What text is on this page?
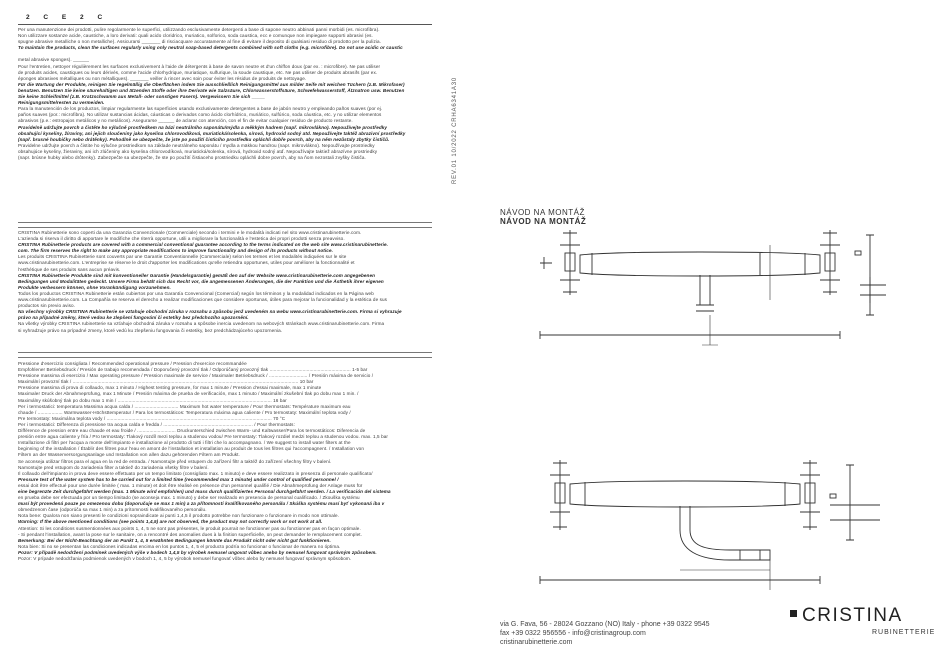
2 C E 2 C
Per una manutenzione dei prodotti, pulire regolarmente le superfici, utilizzando esclusivamente detergenti a base di sapone neutro abbinati panni morbidi (es. microfibra).
Non utilizzare sostanze acide, caustiche, a loro derivati: quali acido cloridrico, muriatico, solforico, soda caustica, ecc e comunque non impiegare supporti abrasivi (es.
spugne abrasive metalliche o non metalliche). Assicurarsi _______ di risciacquare accuratamente al fine di evitare il deposito di qualsiasi residuo di prodotto per la pulizia.
To maintain the products, clean the surfaces regularly using only neutral soap-based detergents combined with soft cloths (e.g. microfibre). Do not use acidic or caustic

metal abrasive sponges). ______
Pour l'entretien, nettoyer régulièrement les surfaces exclusivement à l'aide de détergents à base de savon neutre et d'un chiffon doux (par ex. : microfibre). Ne pas utiliser
de produits acides, caustiques ou leurs dérivés, comme l'acide chlorhydrique, muriatique, sulfurique, la soude caustique, etc. Ne pas utiliser de produits abrasifs (par ex.
éponges abrasives métalliques ou non métalliques). _______ veiller à rincer avec soin pour éviter les résidus de produits de nettoyage.
Für die Wartung der Produkte, reinigen Sie regelmäßig die Oberflächen indem Sie ausschließlich Reinigungsmittel aus milder Seife mit weichen Tüchern (z.B. Mikrofaser)
benutzen. Benutzen Sie keine säurehaltigen und ätzenden Stoffe oder ihre Derivate wie Salzsäure, Chlorwasserstoffsäure, Schwefelwasserstoff, Ätznatron usw. Benutzen
Sie keine Schleifmittel (z.B. Kratzschwamm aus Metall- oder sonstigen Fasern). Vergewissern Sie sich _____
Reinigungsmittelresten zu vermeiden.
Para la manutención de los productos, limpiar regularmente las superficies usando exclusivamente detergentes a base de jabón neutro y empleando paños suaves (por ej.
paños suaves (por.: microfibra). No utilizar sustancias ácidas, cáusticas o derivados como ácido clorhídrico, muriático, sulfúrico, soda cáustica, etc. y no utilizar elementos
abrasivos (p.e.: estropajos metálicos y no metálicos). Asegurarse ______ de aclarar con atención, con el fin de evitar cualquier residuo de producto restante.
Pravidelně udržujte povrch a čistěte ho výlučně prostředkem na bázi neutrálního saponátu/mýdla a měkkým hadrem (např. mikrovlákno). Nepoužívejte prostředky
obsahující kyseliny, žíraviny, ani jejich sloučeniny jako kyselina chlorovodíková, muriatická/solenka, sírová, hydroxid sodný atd. Nepoužívejte taktéž abrazivní prostředky
(např. brusné houbičky nebo drátěnky). Pohodlně se ubezpečte, že jste po použití čisticího prostředku opláchli dobře povrch, aby na něm nezůstaly zbytky čističů.
Pravidelne udržujte povrch a čistite ho výlučne prostriedkom na základe neutrálneho saponátu / mydla a mäkkou handrou (napr. mikrovlákno). Nepoužívajte prostriedky
obsahujúce kyseliny, žieraviny, ani ich zlúčeniny ako kyselina chlorovodíková, muriatická/solenka, sírová, hydroxid sodný atď. Nepoužívajte taktiež abrazívne prostriedky
(napr. brúsne hubky alebo drôtenky). Zabezpečte sa ubezpečte, že ste po použití čistiaceho prostriedku opláchli dobre povrch, aby na ňom nezostali zvyšky čističa.	REV.01 10/2022 CRHA6341A30
CRISTINA Rubinetterie sono coperti da una Garanzia Convenzionale (Commerciale) secondo i termini e le modalità indicati nel sito www.cristinarubinetterie.com.
L'azienda si riserva il diritto di apportare le modifiche che riterrà opportune, utili a migliorare la funzionalità e l'estetica dei propri prodotti senza preavviso.
CRISTINA Rubinetterie products are covered with a commercial conventional guarantee according to the terms indicated on the web site www.cristinarubinetterie.
com. The firm reserves the right to make any appropriate modifications to improve functionality and design of its products without notice.
Les produits CRISTINA Rubinetterie sont couverts par une Garantie Conventionnelle (Commerciale) selon les termes et les modalités indiquées sur le site
www.cristinarubinetterie.com. L'entreprise se réserve le droit d'apporter les modifications qu'elle retiendra opportunes, utiles pour améliorer la fonctionnalité et
l'esthétique de ses produits sans aucun préavis.
CRISTINA Rubinetterie Produkte sind mit konventioneller Garantie (Handelsgarantie) gemäß den auf der Website www.cristinarubinetterie.com angegebenen
Bedingungen und Modalitäten gedeckt. Unsere Firma behält sich das Recht vor, die angemessenen Änderungen, die der Funktion und die Ästhetik ihrer eigenen
Produkte verbessern können, ohne Vorankündigung vorzunehmen.
Todos los productos CRISTINA Rubinetterie están cubiertos por una Garantía Convencional (Comercial) según los términos y la modalidad indicados en la Página web
www.cristinarubinetterie.com. La Compañía se reserva el derecho a realizar modificaciones que considere oportunas, útiles para mejorar la funcionalidad y la estética de sus
productos sin previo aviso.
Na všechny výrobky CRISTINA Rubinetterie se vztahuje obchodní záruka v rozsahu a způsobu jenž uvedeném na webu www.cristinarubinetterie.com. Firma si vyhrazuje
právo na případné změny, které vedou ke zlepšení fungování či estetiky bez předchozího upozornění.
Na všetky výrobky CRISTINA rubinetterie sa vzťahuje obchodná záruka v rozsahu a spôsobe inercia uvedenom na webových stránkach www.cristinarubinetterie.com. Firma
si vyhradzuje právo na prípadné zmeny, ktoré vedú ku zlepšeniu fungovania či estetiky, bez predchádzajúceho upozornenia.
Pressione d'esercizio consigliata / Recommended operational pressure / Pression d'exercice recommandée
Empfohlener Betriebsdruck / Presión de trabajo recomendada / Doporučený provozní tlak / Odporúčaný provozný tlak ........................................................... 1-5 bar
Pressione massima di esercizio / Max operating pressure / Pression maximale de service / Maximaler Betriebsdruck / ............................ / Presión máxima de servicio /
Maximální provozní tlak / .................................................................................................................................................................... 10 bar
Pressione massima di prova di collaudo, max 1 minuto / Highest testing pressure, for max 1 minute / Pression d'essai maximale, max 1 minute
Maximaler Druck der Abnahmeprüfung, max 1 Minute / Presión máxima de prueba de verificación, max 1 minuto / Maximální zkušební tlak po dobu max 1 min. /
Maximálny skúšobný tlak po dobu max 1 min / ................................................................................................................ 16 bar
Per i termostatici: temperatura Massima acqua calda / ................................ Maximum hot water temperature / Pour thermostats: Température maximum eau
chaude / .................. Warmwasser-Höchsttemperatur / Para los termostáticos: Temperatura máxima agua caliente / Pro termostaty: Maximální teplota vody /
Pre termostaty: Maximálna teplota vody / ........................................................................................................................ 70 °C
Per i termostatici: Differenza di pressione tra acqua calda e fredda / ................................................................. / Pour thermostats:
Différence de pression entre eau chaude et eau froide / ............................ Druckunterschied zwischen Warm- und Kaltwasser/Para los termostáticos: Diferencia de
presión entre agua caliente y fría / Pro termostaty: Tlakový rozdíl mezi teplou a studenou vodou/ Pre termostaty: Tlakový rozdiel medzi teplou a studenou vodou. max. 1,5 bar
Installazione di filtri per l'acqua a monte dell'impianto e installazione al prodotto di tutti i filtri che lo accompagnano. / We suggest to install water filters at the
beginning of the installation / Établir des filtres pour l'eau en amont de l'installation et installation au produit de tous les filtres qui l'accompagnent. / Installation von
Filtern an der Wasserversorgungsanlage und Installation von allen dazu gehörenden Filtern am Produkt.
Se aconseja utilizar filtros para el agua en la red de entrada. / Namontujte před vstupem do zařízení filtr a taktéž do zařízení všechny filtry v balení.
Namontujte pred vstupom do zariadenia filter a taktiež do zariadenia všetky filtre v balení.
Il collaudo dell'impianto in prova deve essere effettuato per un tempo limitato (consigliato max. 1 minuto) e deve essere realizzato in presenza di personale qualificato/
Pressure test of the water system has to be carried out for a limited time (recommended max 1 minute) under control of qualified personnel /
essai doit être effectué pour une durée limitée ( max. 1 minute) et doit être réalisé en présence d'un personnel qualifié / Die Abnahmeprüfung der Anlage muss für
eine begrenzte Zeit durchgeführt werden (max. 1 Minute wird empfohlen) und muss durch qualifiziertes Personal durchgeführt werden. / La verificación del sistema
en prueba debe ser efectuada por un tiempo limitado (se aconseja max. 1 minuto) y debe ser realizado en presencia de personal cualificado. / Zkouška systému
musí být provedená pouze po omezenou dobu (doporučuje se max 1 min) a za přítomnosti kvalifikovaného personálu / Skúška systému musí byť vykonaná iba v
obmedzenom čase (odporúča sa max 1 min) a za prítomnosti kvalifikovaného personálu.
Nota bene: Qualora non siano presenti le condizioni sopraindicate ai punti 1,4,5 il prodotto potrebbe non funzionare o funzionare in modo non ottimale.
Warning: If the above mentioned conditions (see points 1,4,5) are not observed, the product may not correctly work or not work at all.
Attention: Si les conditions susmentionnées aux points 1, 4, 5 ne sont pas présentes, le produit pourrait ne fonctionner pas ou fonctionner pas en façon optimale.
- Si pendant l'installation, avant la pose sur le sanitaire, on a rencontré des anomalies dues à la finition superficielle, on peut demander le remplacement complet.
Bemerkung: Bei der Nicht-Beachtung der an Punkt 1, 4, 5 erwähnten Bedingungen könnte das Produkt nicht oder nicht gut funktionieren.
Nota bien: Si no se presentan las condiciones indicadas encima en los puntos 1, 4, 5 el producto podría no funcionar o funcionar de manera no óptima.
Pozor: V případě nedodržení podmínek uvedených výše v bodech 1,4,5 by výrobek nemusel ungovat vůbec anebo by nemusel fungovat správným způsobem.
Pozor: V prípade nedodržania podmienok uvedených v bodoch 1, 4, 5 by výrobok nemusel fungovať vôbec alebo by nemusel fungovať správnym spôsobom.
NÁVOD NA MONTÁŽ
NÁVOD NA MONTÁŽ
via G. Fava, 56 - 28024 Gozzano (NO) Italy - phone +39 0322 9545
fax +39 0322 956556 - info@cristinagroup.com
cristinarubinetterie.com
CRISTINA
RUBINETTERIE
